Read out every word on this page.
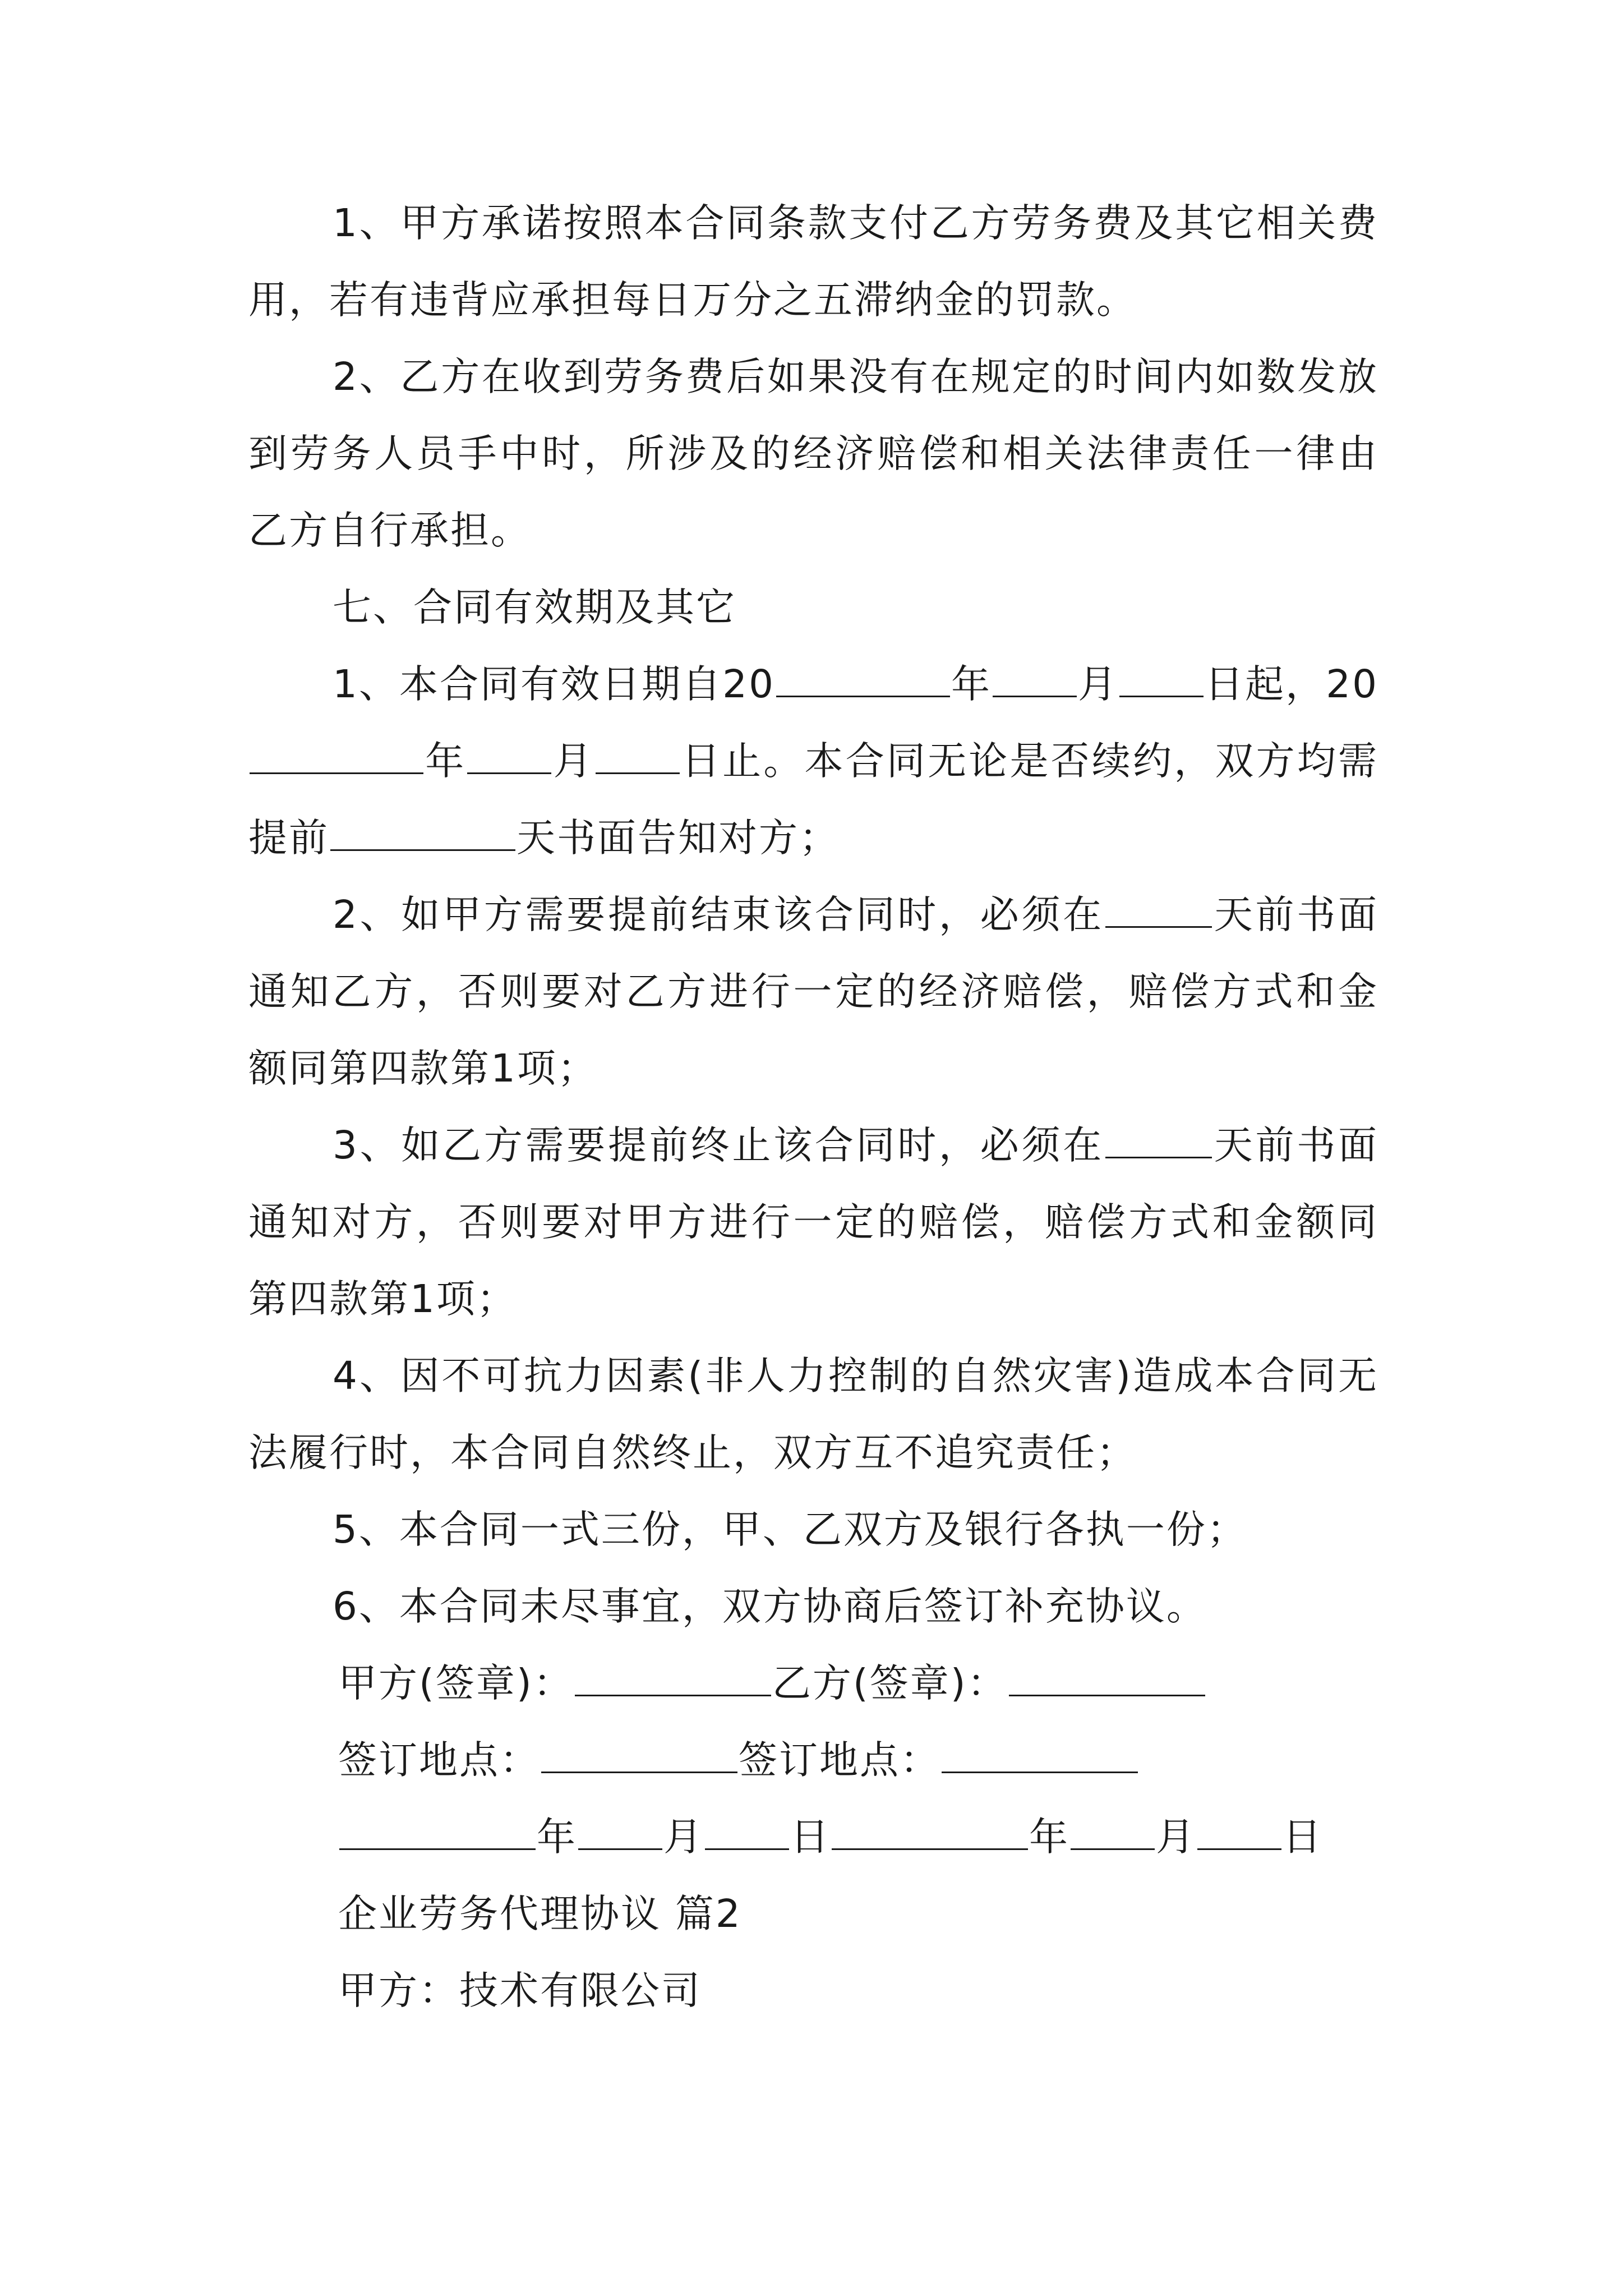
1、甲方承诺按照本合同条款支付乙方劳务费及其它相关费用，若有违背应承担每日万分之五滞纳金的罚款。

2、乙方在收到劳务费后如果没有在规定的时间内如数发放到劳务人员手中时，所涉及的经济赔偿和相关法律责任一律由乙方自行承担。

七、合同有效期及其它

1、本合同有效日期自20	年 月 日起，20年 月 日止。本合同无论是否续约，双方均需提前	天书面告知对方；

2、如甲方需要提前结束该合同时，必须在	天前书面通知乙方，否则要对乙方进行一定的经济赔偿，赔偿方式和金额同第四款第1项；

3、如乙方需要提前终止该合同时，必须在	天前书面通知对方，否则要对甲方进行一定的赔偿，赔偿方式和金额同第四款第1项；

4、因不可抗力因素(非人力控制的自然灾害)造成本合同无法履行时，本合同自然终止，双方互不追究责任；

5、本合同一式三份，甲、乙双方及银行各执一份；

6、本合同未尽事宜，双方协商后签订补充协议。

甲方(签章)：	乙方(签章)：

签订地点：	签订地点：

年 月 日	年 月 日

企业劳务代理协议 篇2

甲方：技术有限公司
